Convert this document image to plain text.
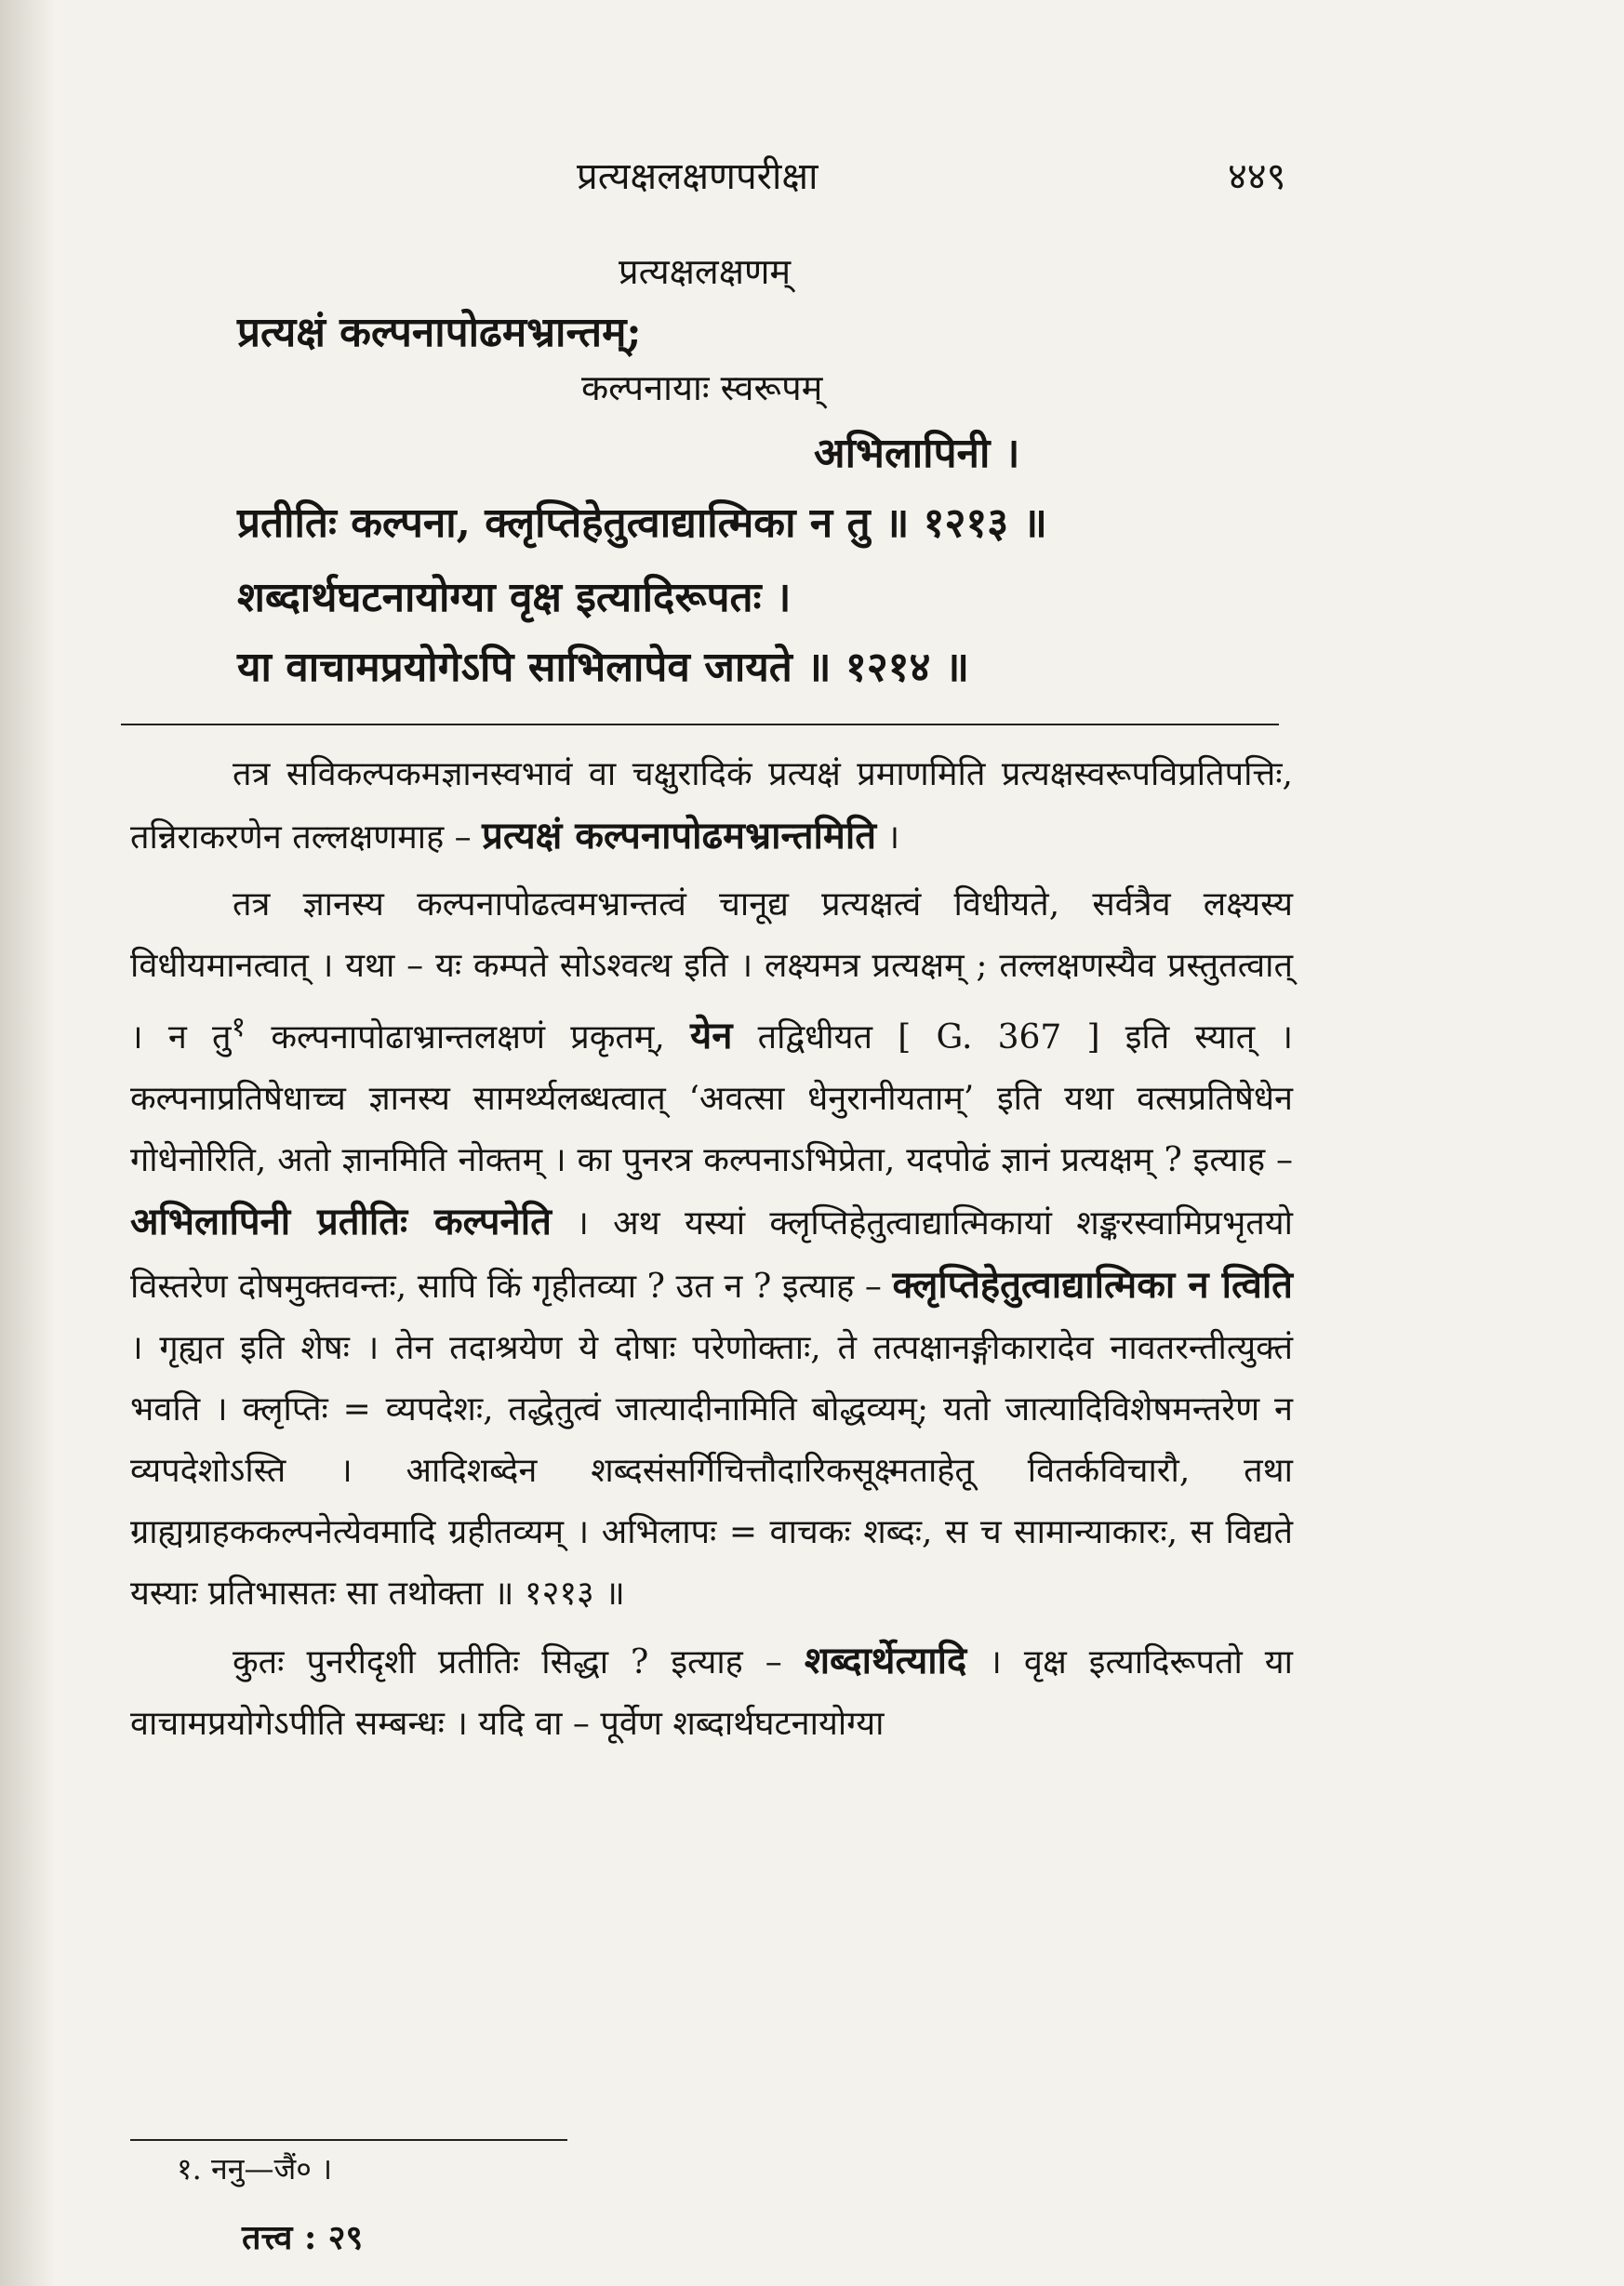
प्रत्यक्षलक्षणपरीक्षा	४४९
प्रत्यक्षलक्षणम्
प्रत्यक्षं कल्पनापोढमभ्रान्तम्;
कल्पनायाः स्वरूपम्
अभिलापिनी ।
प्रतीतिः कल्पना, क्लृप्तिहेतुत्वाद्यात्मिका न तु ॥ १२१३ ॥
शब्दार्थघटनायोग्या वृक्ष इत्यादिरूपतः ।
या वाचामप्रयोगेऽपि साभिलापेव जायते ॥ १२१४ ॥

तत्र सविकल्पकमज्ञानस्वभावं वा चक्षुरादिकं प्रत्यक्षं प्रमाणमिति प्रत्यक्षस्वरूपविप्रतिपत्तिः, तन्निराकरणेन तल्लक्षणमाह – प्रत्यक्षं कल्पनापोढमभ्रान्तमिति ।

तत्र ज्ञानस्य कल्पनापोढत्वमभ्रान्तत्वं चानूद्य प्रत्यक्षत्वं विधीयते, सर्वत्रैव लक्ष्यस्य विधीयमानत्वात् । यथा – यः कम्पते सोऽश्वत्थ इति । लक्ष्यमत्र प्रत्यक्षम् ; तल्लक्षणस्यैव प्रस्तुतत्वात् । न तु$^१$ कल्पनापोढाभ्रान्तलक्षणं प्रकृतम्, येन तद्विधीयत [ G. 367 ] इति स्यात् । कल्पनाप्रतिषेधाच्च ज्ञानस्य सामर्थ्यलब्धत्वात् ‘अवत्सा धेनुरानीयताम्’ इति यथा वत्सप्रतिषेधेन गोधेनोरिति, अतो ज्ञानमिति नोक्तम् । का पुनरत्र कल्पनाऽभिप्रेता, यदपोढं ज्ञानं प्रत्यक्षम् ? इत्याह – अभिलापिनी प्रतीतिः कल्पनेति । अथ यस्यां क्लृप्तिहेतुत्वाद्यात्मिकायां शङ्करस्वामिप्रभृतयो विस्तरेण दोषमुक्तवन्तः, सापि किं गृहीतव्या ? उत न ? इत्याह – क्लृप्तिहेतुत्वाद्यात्मिका न त्विति । गृह्यत इति शेषः । तेन तदाश्रयेण ये दोषाः परेणोक्ताः, ते तत्पक्षानङ्गीकारादेव नावतरन्तीत्युक्तं भवति । क्लृप्तिः = व्यपदेशः, तद्धेतुत्वं जात्यादीनामिति बोद्धव्यम्; यतो जात्यादिविशेषमन्तरेण न व्यपदेशोऽस्ति । आदिशब्देन शब्दसंसर्गिचित्तौदारिकसूक्ष्मताहेतू वितर्कविचारौ, तथा ग्राह्यग्राहककल्पनेत्येवमादि ग्रहीतव्यम् । अभिलापः = वाचकः शब्दः, स च सामान्याकारः, स विद्यते यस्याः प्रतिभासतः सा तथोक्ता ॥ १२१३ ॥

कुतः पुनरीदृशी प्रतीतिः सिद्धा ? इत्याह – शब्दार्थेत्यादि । वृक्ष इत्यादिरूपतो या वाचामप्रयोगेऽपीति सम्बन्धः । यदि वा – पूर्वेण शब्दार्थघटनायोग्या

१. ननु—जैं० ।
तत्त्व : २९
